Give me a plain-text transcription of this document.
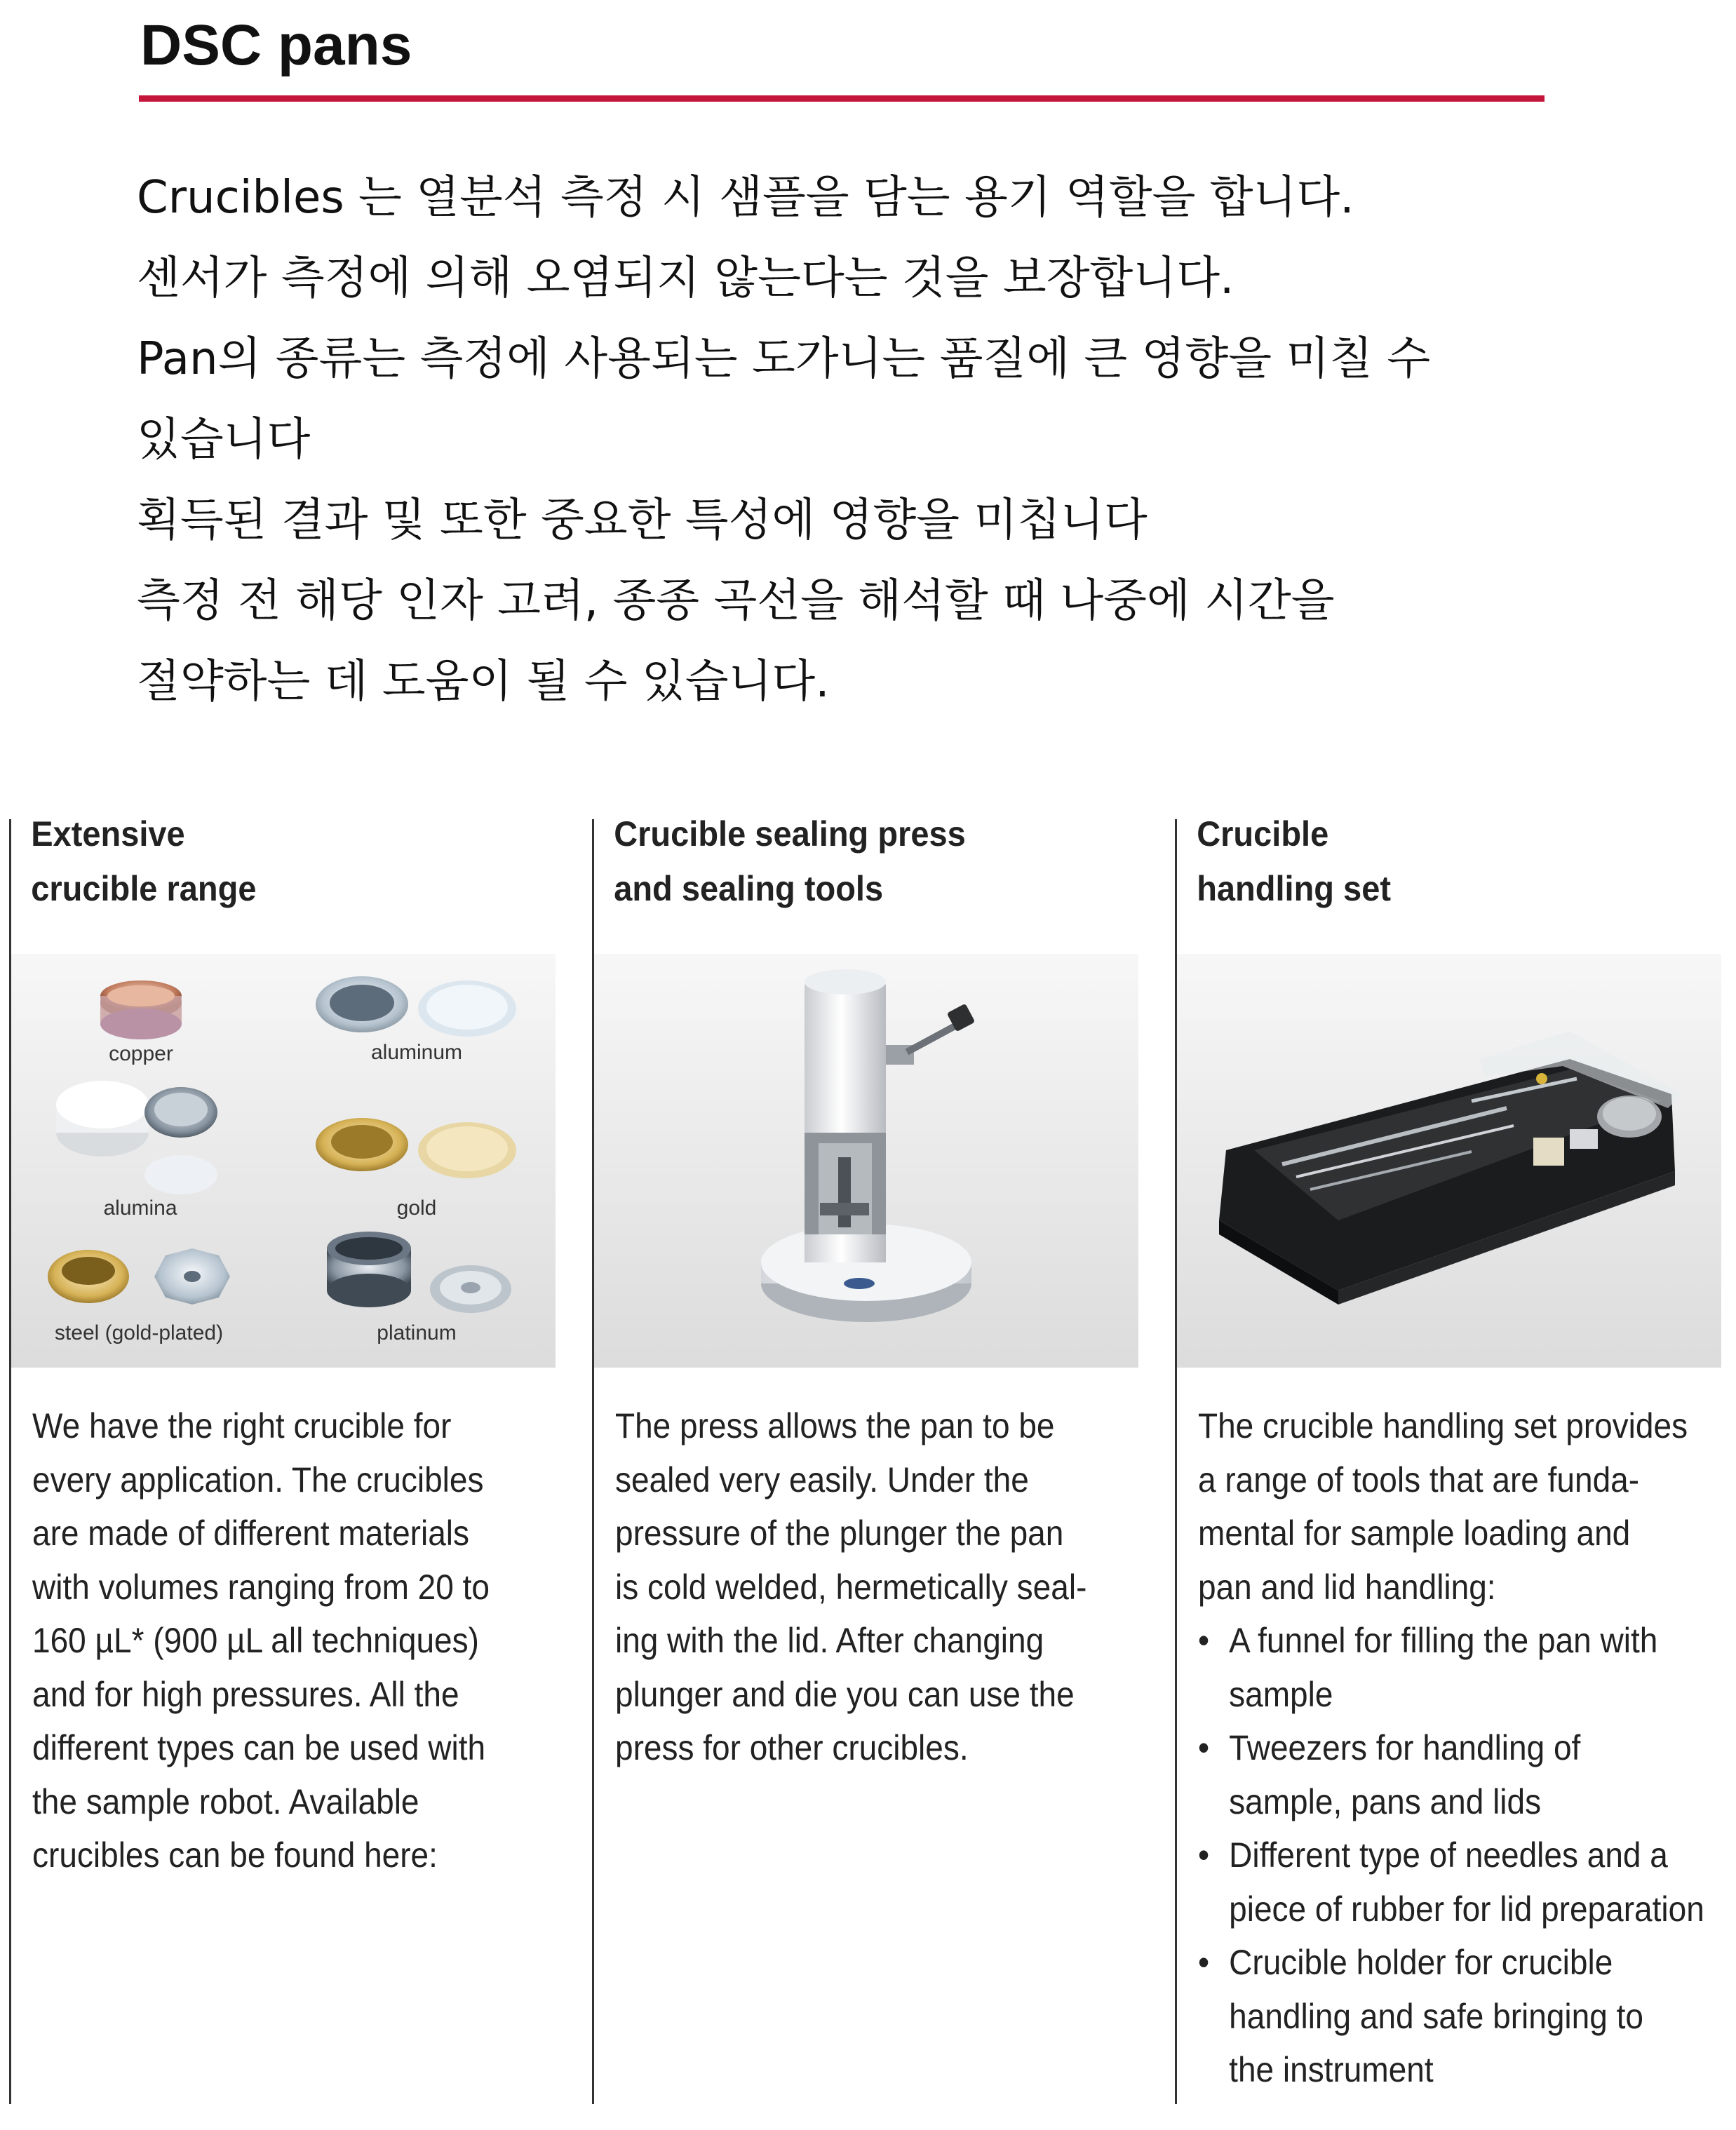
DSC pans
Crucibles 는 열분석 측정 시 샘플을 담는 용기 역할을 합니다.
센서가 측정에 의해 오염되지 않는다는 것을 보장합니다.
Pan의 종류는 측정에 사용되는 도가니는 품질에 큰 영향을 미칠 수
있습니다
획득된 결과 및 또한 중요한 특성에 영향을 미칩니다
측정 전 해당 인자 고려, 종종 곡선을 해석할 때 나중에 시간을
절약하는 데 도움이 될 수 있습니다.
Extensive
crucible range
Crucible sealing press
and sealing tools
Crucible
handling set
copper	aluminum
alumina	gold
steel (gold-plated)	platinum

We have the right crucible for

every application. The crucibles

are made of different materials

with volumes ranging from 20 to

160 µL* (900 µL all techniques)

and for high pressures. All the

different types can be used with

the sample robot. Available

crucibles can be found here:

The press allows the pan to be

sealed very easily. Under the

pressure of the plunger the pan

is cold welded, hermetically seal-

ing with the lid. After changing

plunger and die you can use the

press for other crucibles.

The crucible handling set provides

a range of tools that are funda-

mental for sample loading and

pan and lid handling:

• A funnel for filling the pan with
sample
• Tweezers for handling of
sample, pans and lids
• Different type of needles and a
piece of rubber for lid preparation
• Crucible holder for crucible
handling and safe bringing to
the instrument
